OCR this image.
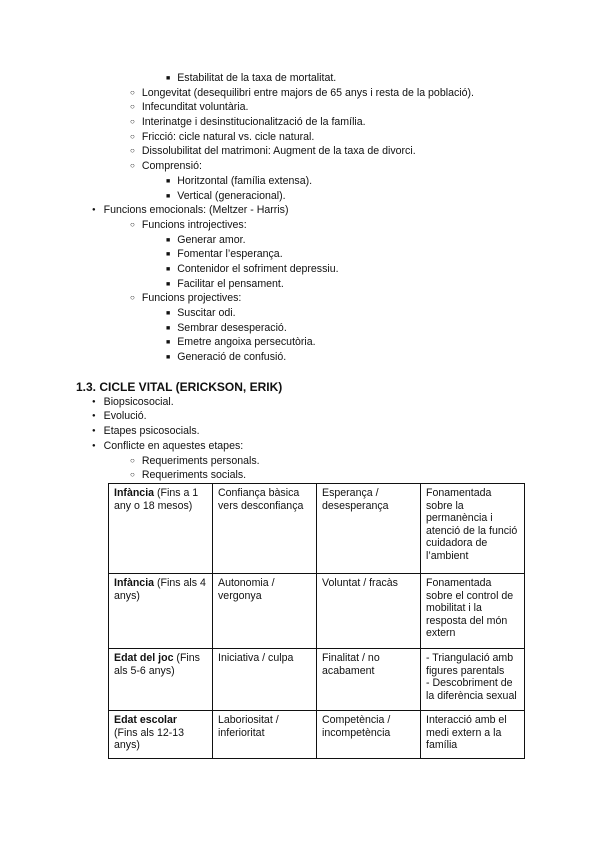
■ Estabilitat de la taxa de mortalitat.
○ Longevitat (desequilibri entre majors de 65 anys i resta de la població).
○ Infecunditat voluntària.
○ Interinatge i desinstitucionalització de la família.
○ Fricció: cicle natural vs. cicle natural.
○ Dissolubilitat del matrimoni: Augment de la taxa de divorci.
○ Comprensió:
■ Horitzontal (família extensa).
■ Vertical (generacional).
● Funcions emocionals: (Meltzer - Harris)
○ Funcions introjectives:
■ Generar amor.
■ Fomentar l’esperança.
■ Contenidor el sofriment depressiu.
■ Facilitar el pensament.
○ Funcions projectives:
■ Suscitar odi.
■ Sembrar desesperació.
■ Emetre angoixa persecutòria.
■ Generació de confusió.
1.3. CICLE VITAL (ERICKSON, ERIK)
● Biopsicosocial.
● Evolució.
● Etapes psicosocials.
● Conflicte en aquestes etapes:
○ Requeriments personals.
○ Requeriments socials.
Infància (Fins a 1 any o 18 mesos)	Confiança bàsica vers desconfiança	Esperança / desesperança	Fonamentada sobre la permanència i atenció de la funció cuidadora de l’ambient
Infància (Fins als 4 anys)	Autonomia / vergonya	Voluntat / fracàs	Fonamentada sobre el control de mobilitat i la resposta del món extern
Edat del joc (Fins als 5-6 anys)	Iniciativa / culpa	Finalitat / no acabament	- Triangulació amb figures parentals
- Descobriment de la diferència sexual

Edat escolar
(Fins als 12-13 anys)	Laboriositat / inferioritat	Competència / incompetència	Interacció amb el medi extern a la família
